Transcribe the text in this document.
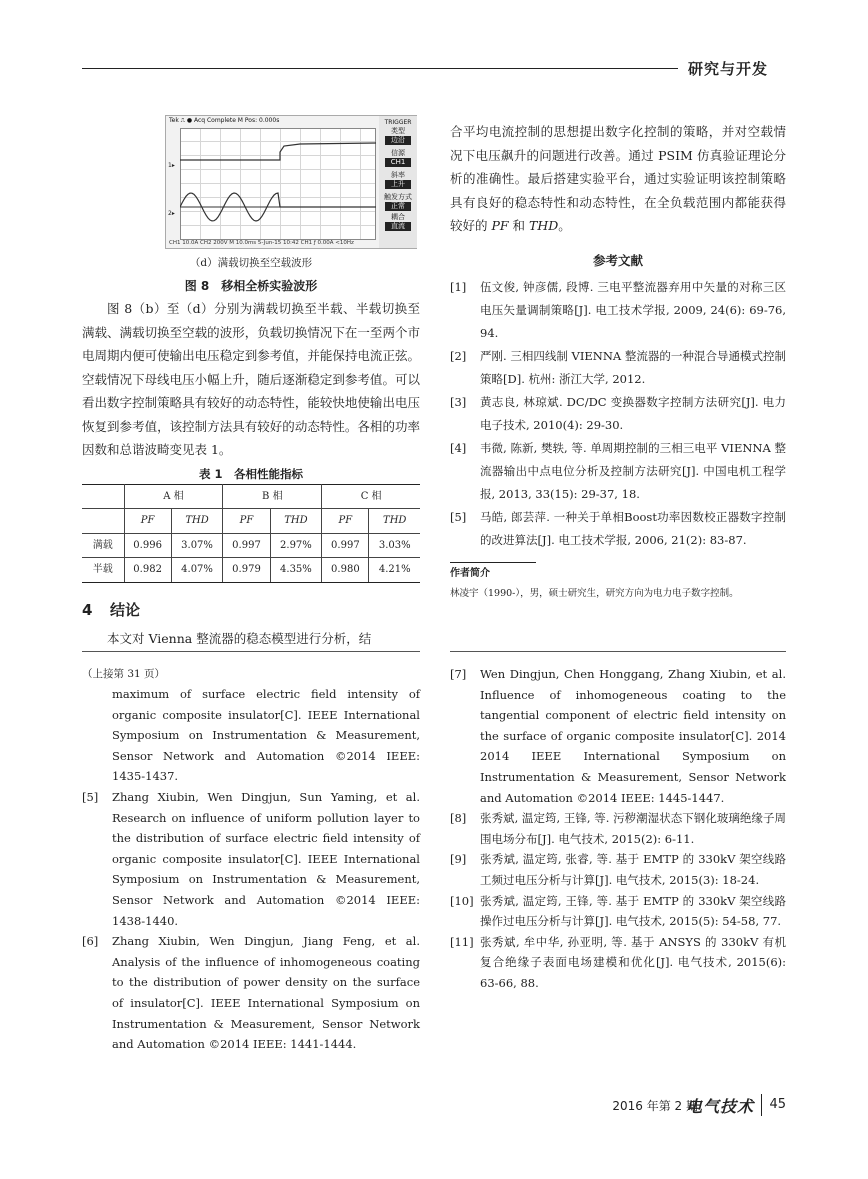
研究与开发
Tek ⎍ ● Acq Complete M Pos: 0.000s
1▸
2▸
TRIGGER
类型
边沿
信源
CH1
斜率
上升
触发方式
正常
耦合
直流
CH1 10.0A CH2 200V M 10.0ms 5-Jun-15 10:42 CH1 ƒ 0.00A <10Hz
（d）满载切换至空载波形
图 8　移相全桥实验波形

图 8（b）至（d）分别为满载切换至半载、半载切换至满载、满载切换至空载的波形，负载切换情况下在一至两个市电周期内便可使输出电压稳定到参考值，并能保持电流正弦。空载情况下母线电压小幅上升，随后逐渐稳定到参考值。可以看出数字控制策略具有较好的动态特性，能较快地使输出电压恢复到参考值，该控制方法具有较好的动态特性。各相的功率因数和总谐波畸变见表 1。

表 1　各相性能指标
	A 相		B 相		C 相	
	PF	THD	PF	THD	PF	THD
满载	0.996	3.07%	0.997	2.97%	0.997	3.03%
半载	0.982	4.07%	0.979	4.35%	0.980	4.21%
4 结论

本文对 Vienna 整流器的稳态模型进行分析，结

合平均电流控制的思想提出数字化控制的策略，并对空载情况下电压飙升的问题进行改善。通过 PSIM 仿真验证理论分析的准确性。最后搭建实验平台，通过实验证明该控制策略具有良好的稳态特性和动态特性，在全负载范围内都能获得较好的 PF 和 THD。

参考文献
[1]	伍文俊, 钟彦儒, 段博. 三电平整流器弃用中矢量的对称三区电压矢量调制策略[J]. 电工技术学报, 2009, 24(6): 69-76, 94.
[2]	严刚. 三相四线制 VIENNA 整流器的一种混合导通模式控制策略[D]. 杭州: 浙江大学, 2012.
[3]	黄志良, 林琼斌. DC/DC 变换器数字控制方法研究[J]. 电力电子技术, 2010(4): 29-30.
[4]	韦微, 陈新, 樊轶, 等. 单周期控制的三相三电平 VIENNA 整流器输出中点电位分析及控制方法研究[J]. 中国电机工程学报, 2013, 33(15): 29-37, 18.
[5]	马皓, 郎芸萍. 一种关于单相Boost功率因数校正器数字控制的改进算法[J]. 电工技术学报, 2006, 21(2): 83-87.
作者简介
林凌宇（1990-），男，硕士研究生，研究方向为电力电子数字控制。
（上接第 31 页）
maximum of surface electric field intensity of organic composite insulator[C]. IEEE International Symposium on Instrumentation & Measurement, Sensor Network and Automation ©2014 IEEE: 1435-1437.
[5]	Zhang Xiubin, Wen Dingjun, Sun Yaming, et al. Research on influence of uniform pollution layer to the distribution of surface electric field intensity of organic composite insulator[C]. IEEE International Symposium on Instrumentation & Measurement, Sensor Network and Automation ©2014 IEEE: 1438-1440.
[6]	Zhang Xiubin, Wen Dingjun, Jiang Feng, et al. Analysis of the influence of inhomogeneous coating to the distribution of power density on the surface of insulator[C]. IEEE International Symposium on Instrumentation & Measurement, Sensor Network and Automation ©2014 IEEE: 1441-1444.
[7]	Wen Dingjun, Chen Honggang, Zhang Xiubin, et al. Influence of inhomogeneous coating to the tangential component of electric field intensity on the surface of organic composite insulator[C]. 2014 2014 IEEE International Symposium on Instrumentation & Measurement, Sensor Network and Automation ©2014 IEEE: 1445-1447.
[8]	张秀斌, 温定筠, 王锋, 等. 污秽潮湿状态下钢化玻璃绝缘子周围电场分布[J]. 电气技术, 2015(2): 6-11.
[9]	张秀斌, 温定筠, 张睿, 等. 基于 EMTP 的 330kV 架空线路工频过电压分析与计算[J]. 电气技术, 2015(3): 18-24.
[10] 张秀斌, 温定筠, 王锋, 等. 基于 EMTP 的 330kV 架空线路操作过电压分析与计算[J]. 电气技术, 2015(5): 54-58, 77.
[11] 张秀斌, 牟中华, 孙亚明, 等. 基于 ANSYS 的 330kV 有机复合绝缘子表面电场建模和优化[J]. 电气技术, 2015(6): 63-66, 88.
2016 年第 2 期
电气技术 45
